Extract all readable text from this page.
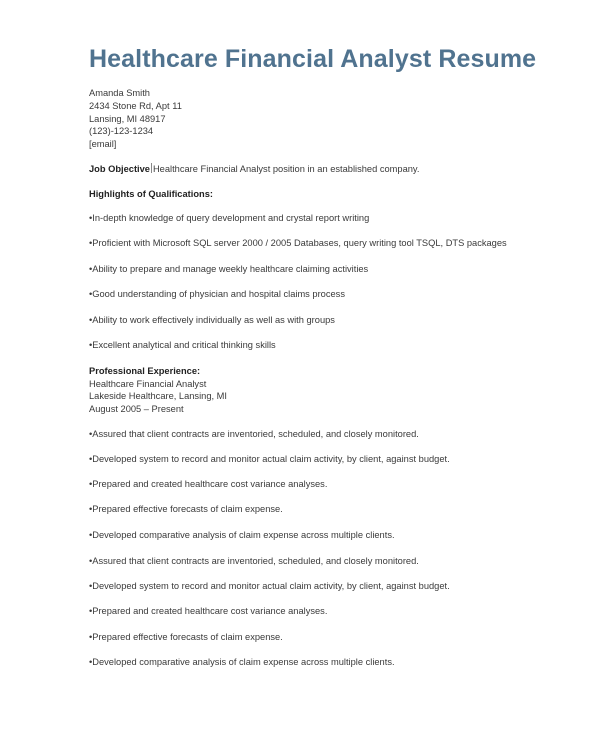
Healthcare Financial Analyst Resume
Amanda Smith
2434 Stone Rd, Apt 11
Lansing, MI 48917
(123)-123-1234
[email]
Job Objective Healthcare Financial Analyst position in an established company.
Highlights of Qualifications:
•In-depth knowledge of query development and crystal report writing
•Proficient with Microsoft SQL server 2000 / 2005 Databases, query writing tool TSQL, DTS packages
•Ability to prepare and manage weekly healthcare claiming activities
•Good understanding of physician and hospital claims process
•Ability to work effectively individually as well as with groups
•Excellent analytical and critical thinking skills
Professional Experience:
Healthcare Financial Analyst
Lakeside Healthcare, Lansing, MI
August 2005 – Present
•Assured that client contracts are inventoried, scheduled, and closely monitored.
•Developed system to record and monitor actual claim activity, by client, against budget.
•Prepared and created healthcare cost variance analyses.
•Prepared effective forecasts of claim expense.
•Developed comparative analysis of claim expense across multiple clients.
•Assured that client contracts are inventoried, scheduled, and closely monitored.
•Developed system to record and monitor actual claim activity, by client, against budget.
•Prepared and created healthcare cost variance analyses.
•Prepared effective forecasts of claim expense.
•Developed comparative analysis of claim expense across multiple clients.
